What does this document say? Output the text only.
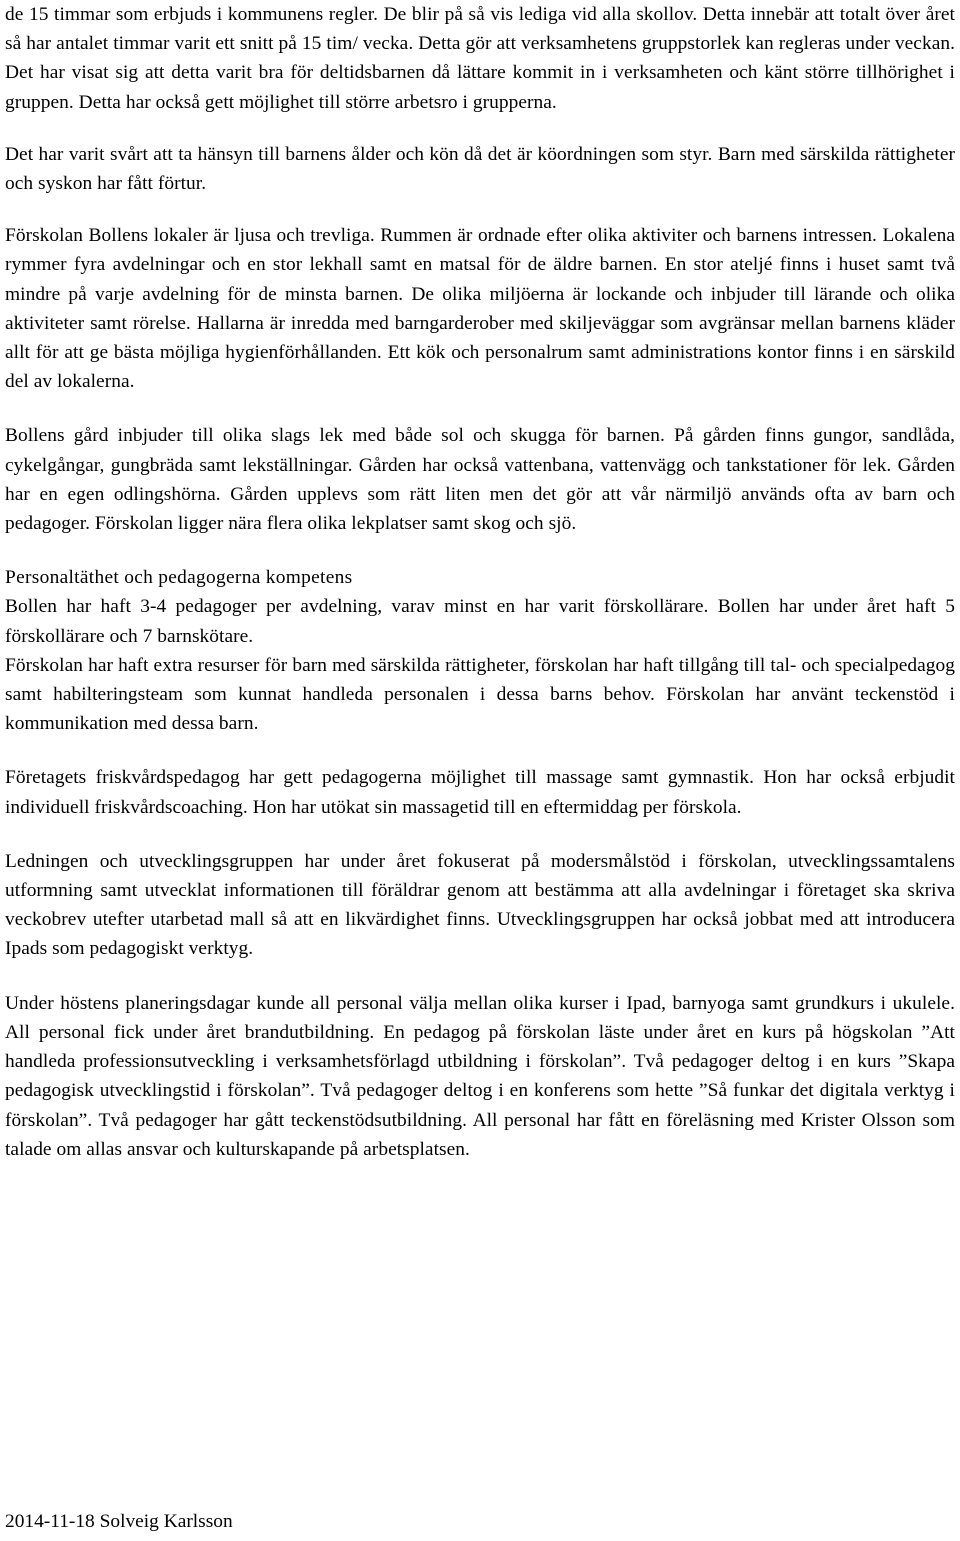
de 15 timmar som erbjuds i kommunens regler. De blir på så vis lediga vid alla skollov. Detta innebär att totalt över året så har antalet timmar varit ett snitt på 15 tim/ vecka. Detta gör att verksamhetens gruppstorlek kan regleras under veckan. Det har visat sig att detta varit bra för deltidsbarnen då lättare kommit in i verksamheten och känt större tillhörighet i gruppen. Detta har också gett möjlighet till större arbetsro i grupperna.

Det har varit svårt att ta hänsyn till barnens ålder och kön då det är köordningen som styr. Barn med särskilda rättigheter och syskon har fått förtur.

Förskolan Bollens lokaler är ljusa och trevliga. Rummen är ordnade efter olika aktiviter och barnens intressen. Lokalena rymmer fyra avdelningar och en stor lekhall samt en matsal för de äldre barnen. En stor ateljé finns i huset samt två mindre på varje avdelning för de minsta barnen. De olika miljöerna är lockande och inbjuder till lärande och olika aktiviteter samt rörelse. Hallarna är inredda med barngarderober med skiljeväggar som avgränsar mellan barnens kläder allt för att ge bästa möjliga hygienförhållanden. Ett kök och personalrum samt administrations kontor finns i en särskild del av lokalerna.

Bollens gård inbjuder till olika slags lek med både sol och skugga för barnen. På gården finns gungor, sandlåda, cykelgångar, gungbräda samt lekställningar. Gården har också vattenbana, vattenvägg och tankstationer för lek. Gården har en egen odlingshörna. Gården upplevs som rätt liten men det gör att vår närmiljö används ofta av barn och pedagoger. Förskolan ligger nära flera olika lekplatser samt skog och sjö.

Personaltäthet och pedagogerna kompetens

Bollen har haft 3-4 pedagoger per avdelning, varav minst en har varit förskollärare. Bollen har under året haft 5 förskollärare och 7 barnskötare.

Förskolan har haft extra resurser för barn med särskilda rättigheter, förskolan har haft tillgång till tal- och specialpedagog samt habilteringsteam som kunnat handleda personalen i dessa barns behov. Förskolan har använt teckenstöd i kommunikation med dessa barn.

Företagets friskvårdspedagog har gett pedagogerna möjlighet till massage samt gymnastik. Hon har också erbjudit individuell friskvårdscoaching. Hon har utökat sin massagetid till en eftermiddag per förskola.

Ledningen och utvecklingsgruppen har under året fokuserat på modersmålstöd i förskolan, utvecklingssamtalens utformning samt utvecklat informationen till föräldrar genom att bestämma att alla avdelningar i företaget ska skriva veckobrev utefter utarbetad mall så att en likvärdighet finns. Utvecklingsgruppen har också jobbat med att introducera Ipads som pedagogiskt verktyg.

Under höstens planeringsdagar kunde all personal välja mellan olika kurser i Ipad, barnyoga samt grundkurs i ukulele. All personal fick under året brandutbildning. En pedagog på förskolan läste under året en kurs på högskolan ”Att handleda professionsutveckling i verksamhetsförlagd utbildning i förskolan”. Två pedagoger deltog i en kurs ”Skapa pedagogisk utvecklingstid i förskolan”. Två pedagoger deltog i en konferens som hette ”Så funkar det digitala verktyg i förskolan”. Två pedagoger har gått teckenstödsutbildning. All personal har fått en föreläsning med Krister Olsson som talade om allas ansvar och kulturskapande på arbetsplatsen.

2014-11-18 Solveig Karlsson
